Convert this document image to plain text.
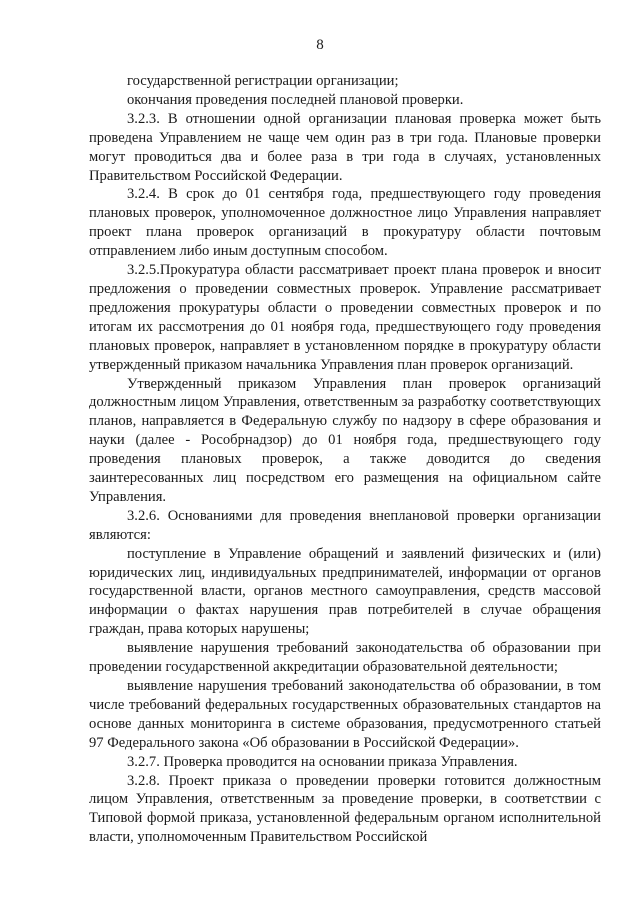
8

государственной регистрации организации;

окончания проведения последней плановой проверки.

3.2.3. В отношении одной организации плановая проверка может быть проведена Управлением не чаще чем один раз в три года. Плановые проверки могут проводиться два и более раза в три года в случаях, установленных Правительством Российской Федерации.

3.2.4. В срок до 01 сентября года, предшествующего году проведения плановых проверок, уполномоченное должностное лицо Управления направляет проект плана проверок организаций в прокуратуру области почтовым отправлением либо иным доступным способом.

3.2.5.Прокуратура области рассматривает проект плана проверок и вносит предложения о проведении совместных проверок. Управление рассматривает предложения прокуратуры области о проведении совместных проверок и по итогам их рассмотрения до 01 ноября года, предшествующего году проведения плановых проверок, направляет в установленном порядке в прокуратуру области утвержденный приказом начальника Управления план проверок организаций.

Утвержденный приказом Управления план проверок организаций должностным лицом Управления, ответственным за разработку соответствующих планов, направляется в Федеральную службу по надзору в сфере образования и науки (далее - Рособрнадзор) до 01 ноября года, предшествующего году проведения плановых проверок, а также доводится до сведения заинтересованных лиц посредством его размещения на официальном сайте Управления.

3.2.6. Основаниями для проведения внеплановой проверки организации являются:

поступление в Управление обращений и заявлений физических и (или) юридических лиц, индивидуальных предпринимателей, информации от органов государственной власти, органов местного самоуправления, средств массовой информации о фактах нарушения прав потребителей в случае обращения граждан, права которых нарушены;

выявление нарушения требований законодательства об образовании при проведении государственной аккредитации образовательной деятельности;

выявление нарушения требований законодательства об образовании, в том числе требований федеральных государственных образовательных стандартов на основе данных мониторинга в системе образования, предусмотренного статьей 97 Федерального закона «Об образовании в Российской Федерации».

3.2.7. Проверка проводится на основании приказа Управления.

3.2.8. Проект приказа о проведении проверки готовится должностным лицом Управления, ответственным за проведение проверки, в соответствии с Типовой формой приказа, установленной федеральным органом исполнительной власти, уполномоченным Правительством Российской
